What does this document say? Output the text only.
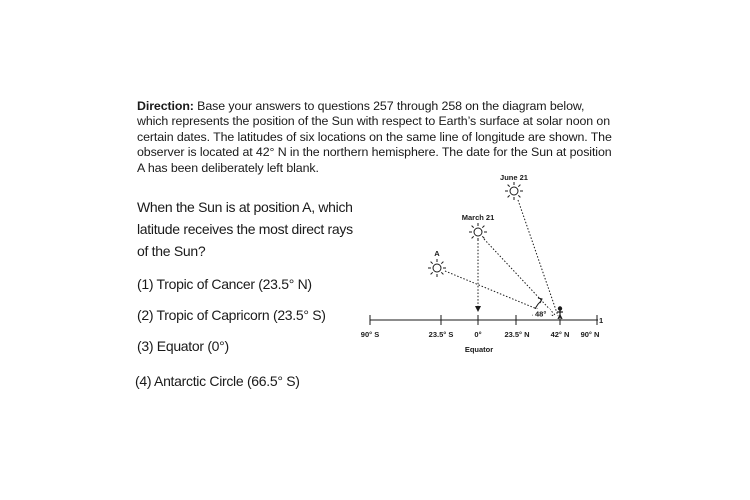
Direction: Base your answers to questions 257 through 258 on the diagram below, which represents the position of the Sun with respect to Earth’s surface at solar noon on certain dates. The latitudes of six locations on the same line of longitude are shown. The observer is located at 42° N in the northern hemisphere. The date for the Sun at position A has been deliberately left blank.
When the Sun is at position A, which latitude receives the most direct rays of the Sun?
(1) Tropic of Cancer (23.5° N)
(2) Tropic of Capricorn (23.5° S)
(3) Equator (0°)
(4) Antarctic Circle (66.5° S)
48°
1
June 21
March 21
A
90° S	23.5° S	0°	23.5° N	42° N 90° N
Equator
